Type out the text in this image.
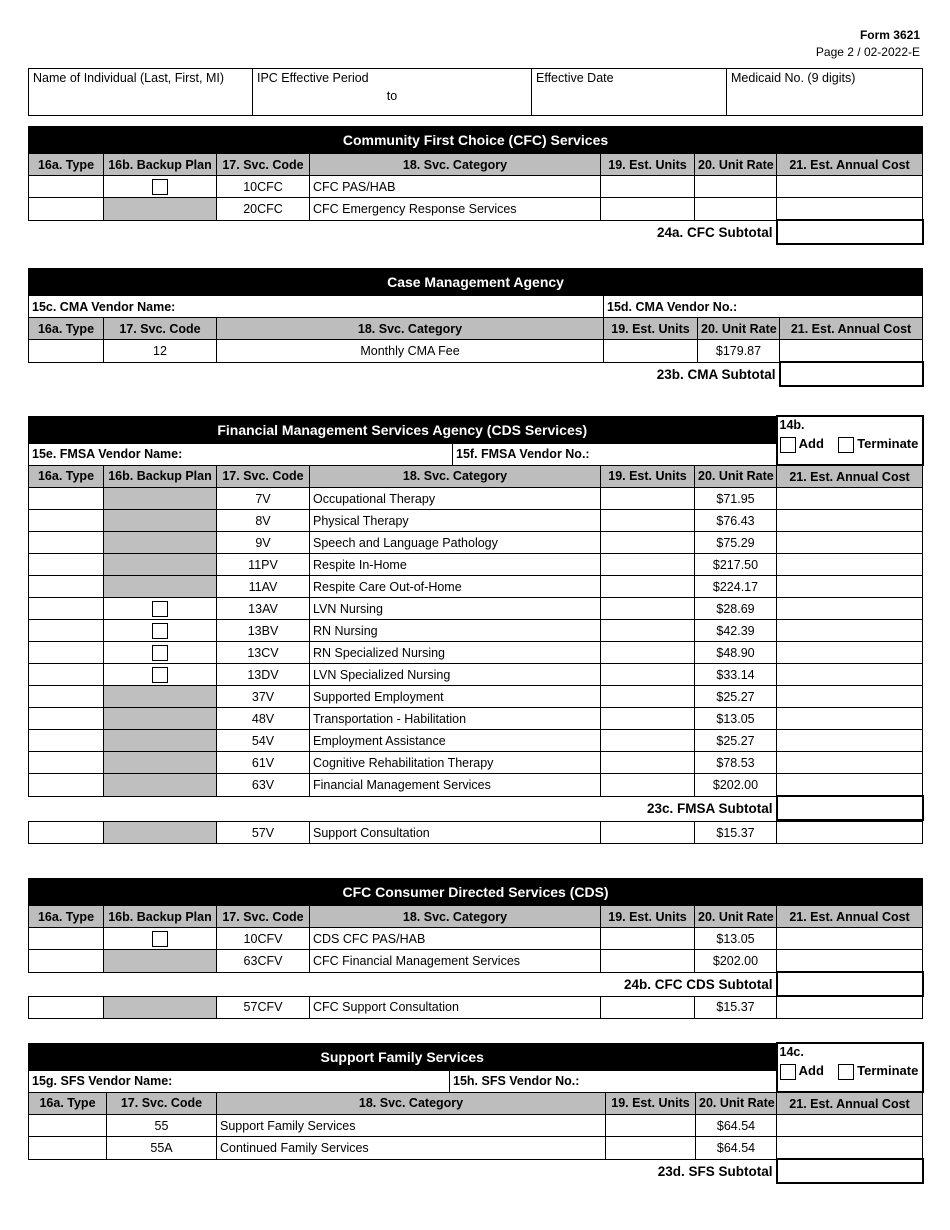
Form 3621
Page 2 / 02-2022-E
Name of Individual (Last, First, MI)	IPC Effective Period
to
	Effective Date	Medicaid No. (9 digits)
Community First Choice (CFC) Services						
16a. Type	16b. Backup Plan	17. Svc. Code	18. Svc. Category	19. Est. Units	20. Unit Rate	21. Est. Annual Cost
		10CFC	CFC PAS/HAB			
		20CFC	CFC Emergency Response Services			
24a. CFC Subtotal						
Case Management Agency					
15c. CMA Vendor Name:			15d. CMA Vendor No.:		
16a. Type	17. Svc. Code	18. Svc. Category	19. Est. Units	20. Unit Rate	21. Est. Annual Cost
	12	Monthly CMA Fee		$179.87	
23b. CMA Subtotal					
Financial Management Services Agency (CDS Services)							14b.
Add Terminate

15e. FMSA Vendor Name:				15f. FMSA Vendor No.:			
16a. Type	16b. Backup Plan	17. Svc. Code	18. Svc. Category		19. Est. Units	20. Unit Rate	21. Est. Annual Cost
		7V	Occupational Therapy			$71.95	
		8V	Physical Therapy			$76.43	
		9V	Speech and Language Pathology			$75.29	
		11PV	Respite In-Home			$217.50	
		11AV	Respite Care Out-of-Home			$224.17	
		13AV	LVN Nursing			$28.69	
		13BV	RN Nursing			$42.39	
		13CV	RN Specialized Nursing			$48.90	
		13DV	LVN Specialized Nursing			$33.14	
		37V	Supported Employment			$25.27	
		48V	Transportation - Habilitation			$13.05	
		54V	Employment Assistance			$25.27	
		61V	Cognitive Rehabilitation Therapy			$78.53	
		63V	Financial Management Services			$202.00	
23c. FMSA Subtotal							

		57V	Support Consultation			$15.37	
CFC Consumer Directed Services (CDS)						
16a. Type	16b. Backup Plan	17. Svc. Code	18. Svc. Category	19. Est. Units	20. Unit Rate	21. Est. Annual Cost
		10CFV	CDS CFC PAS/HAB		$13.05	
		63CFV	CFC Financial Management Services		$202.00	
24b. CFC CDS Subtotal						
		57CFV	CFC Support Consultation		$15.37	
Support Family Services						14c.
Add Terminate

15g. SFS Vendor Name:			15h. SFS Vendor No.:			
16a. Type	17. Svc. Code	18. Svc. Category		19. Est. Units	20. Unit Rate	21. Est. Annual Cost
	55	Support Family Services			$64.54	
	55A	Continued Family Services			$64.54	
23d. SFS Subtotal						
